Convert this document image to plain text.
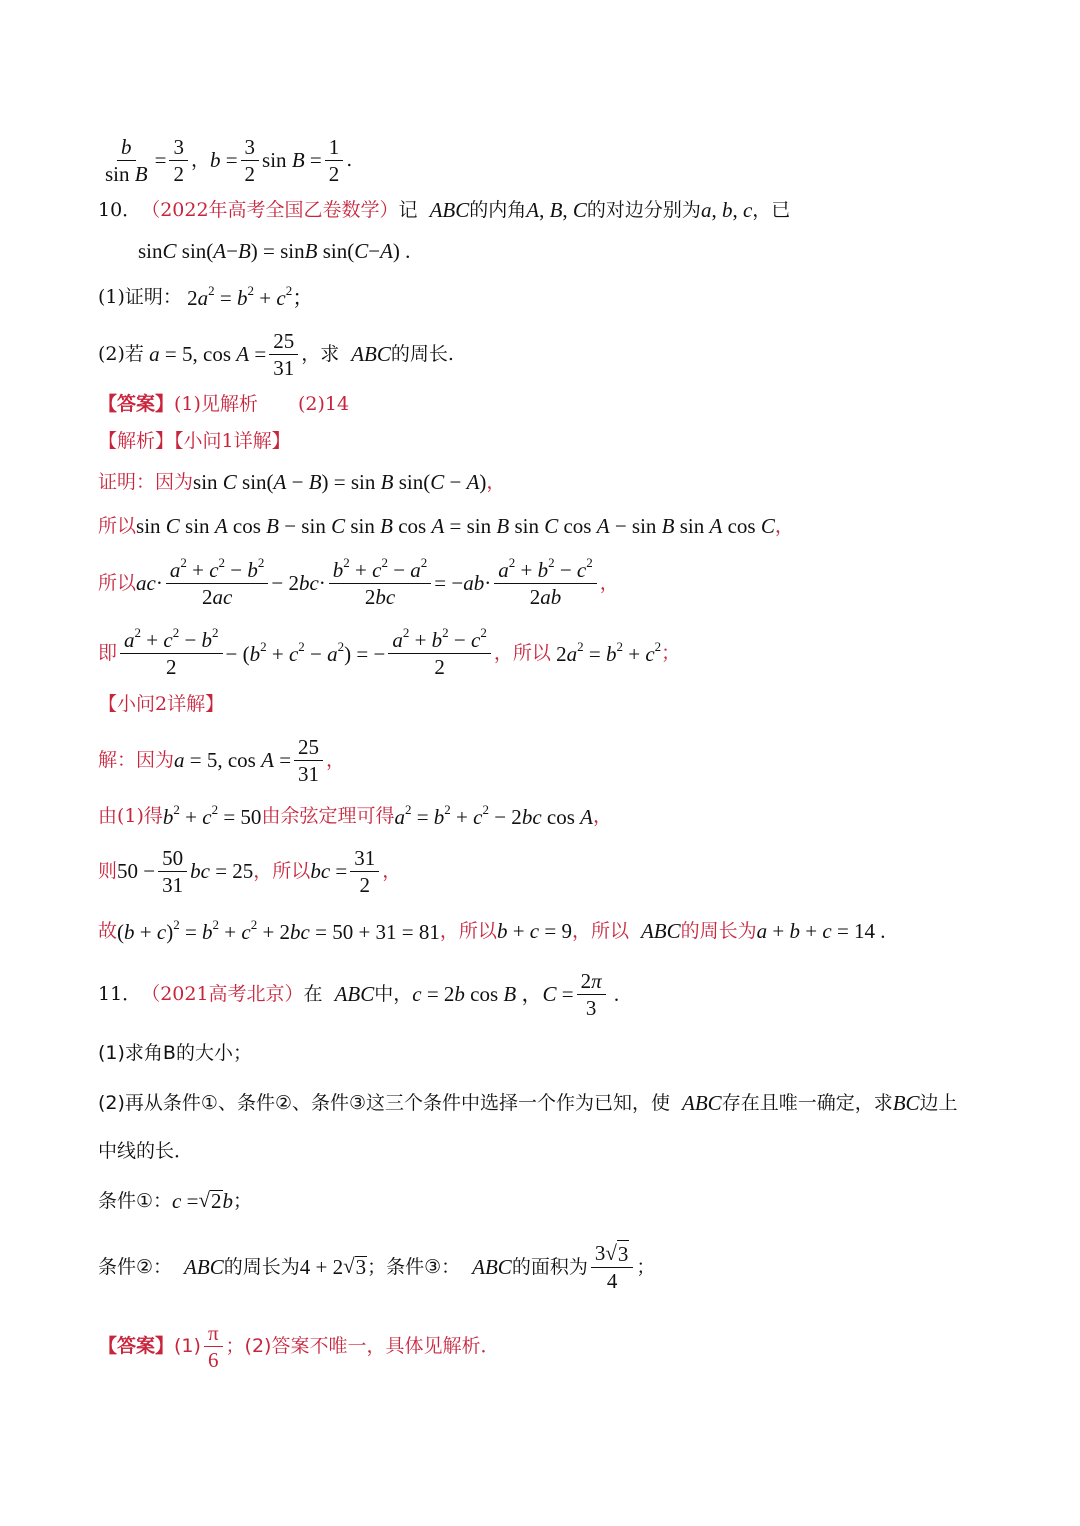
$\frac{b}{\text{sin B}} = \frac{3}{2}$ ， $b = \frac{3}{2}$ $\sin B = \frac{1}{2}$ .
10． （2022年高考全国乙卷数学） 记 ABC 的内角 A, B, C 的对边分别为 a, b, c ，已
sin C sin( A − B ) = sin B sin( C − A ) .
(1)证明： $2a^2 = b^2 + c^2$；
(2)若 a = 5, $\cos A = \frac{25}{31}$ ，求 ABC 的周长.
【答案】 (1)见解析 (2)14
【解析】【小问1详解】
证明：因为 sin C sin(A − B) = sin B sin(C − A) ，
所以 sin C sin A cos B − sin C sin B cos A = sin B sin C cos A − sin B sin A cos C ，
所以 $ac\cdot \frac{a^2 + c^2 - b^2}{2ac} - 2bc\cdot \frac{b^2 + c^2 - a^2}{2bc} = -ab\cdot \frac{a^2 + b^2 - c^2}{2ab}$ ，
即 $\frac{a^2 + c^2 - b^2}{2} - (b^2 + c^2 - a^2)$ = − $\frac{a^2 + b^2 - c^2}{2}$ ， 所以 $2a^2 = b^2 + c^2$ ；
【小问2详解】
解：因为 a = 5, $\cos A = \frac{25}{31}$ ，
由(1)得 $b^2 + c^2 = 50$ 由余弦定理可得 $a^2 = b^2 + c^2 - 2bc$ cos A ，
则 $50 - \frac{50}{31}$ bc = 25 ， 所以 bc = $\frac{31}{2}$ ，
故 $(b + c)^2 = b^2 + c^2 + 2bc = 50 + 31 = 81$ ， 所以 b + c = 9 ， 所以 ABC 的周长为 a + b + c = 14 .
11． （2021高考北京） 在 ABC 中， c = 2b cos B ，$C = \frac{2\pi}{3}$ .
(1)求角B的大小；
(2)再从条件①、条件②、条件③这三个条件中选择一个作为已知，使 ABC 存在且唯一确定，求 BC 边上
中线的长．
条件①： c = √ 2 b ；
条件②： ABC 的周长为 4 + 2 √ 3 ；条件③： ABC 的面积为 $\frac{3√ 3}{4}$ ；
【答案】 $(1) \frac{\pi}{6}$ ；(2)答案不唯一，具体见解析．
